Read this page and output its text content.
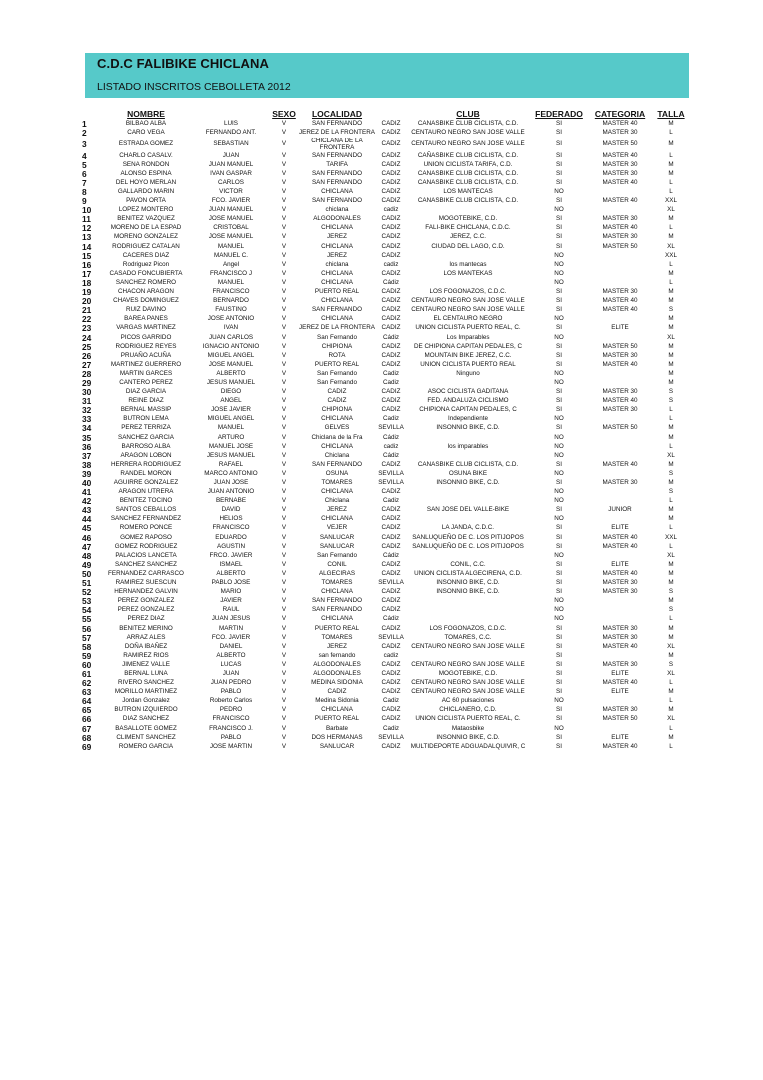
C.D.C FALIBIKE CHICLANA
LISTADO INSCRITOS CEBOLLETA 2012
	NOMBRE		SEXO	LOCALIDAD		CLUB	FEDERADO	CATEGORIA	TALLA
1	BILBAO ALBA	LUIS	V	SAN FERNANDO	CADIZ	CAÑASBIKE CLUB CICLISTA, C.D.	SI	MASTER 40	M
2	CARO VEGA	FERNANDO ANT.	V	JEREZ DE LA FRONTERA	CADIZ	CENTAURO NEGRO SAN JOSE VALLE	SI	MASTER 30	L
3	ESTRADA GOMEZ	SEBASTIAN	V	CHICLANA DE LA FRONTERA	CADIZ	CENTAURO NEGRO SAN JOSE VALLE	SI	MASTER 50	M
4	CHARLO CASALV.	JUAN	V	SAN FERNANDO	CADIZ	CAÑASBIKE CLUB CICLISTA, C.D.	SI	MASTER 40	L
5	SENA RONDON	JUAN MANUEL	V	TARIFA	CADIZ	UNION CICLISTA TARIFA, C.D.	SI	MASTER 30	M
6	ALONSO ESPINA	IVAN GASPAR	V	SAN FERNANDO	CADIZ	CAÑASBIKE CLUB CICLISTA, C.D.	SI	MASTER 30	M
7	DEL HOYO MERLAN	CARLOS	V	SAN FERNANDO	CADIZ	CAÑASBIKE CLUB CICLISTA, C.D.	SI	MASTER 40	L
8	GALLARDO MARIN	VICTOR	V	CHICLANA	CADIZ	LOS MANTECAS	NO		L
9	PAVON ORTA	FCO. JAVIER	V	SAN FERNANDO	CADIZ	CAÑASBIKE CLUB CICLISTA, C.D.	SI	MASTER 40	XXL
10	LOPEZ MONTERO	JUAN MANUEL	V	chiclana	cadiz		NO		XL
11	BENITEZ VAZQUEZ	JOSE MANUEL	V	ALGODONALES	CADIZ	MOGOTEBIKE, C.D.	SI	MASTER 30	M
12	MORENO DE LA ESPAD	CRISTOBAL	V	CHICLANA	CADIZ	FALI-BIKE CHICLANA, C.D.C.	SI	MASTER 40	L
13	MORENO GONZALEZ	JOSE MANUEL	V	JEREZ	CADIZ	JEREZ, C.C.	SI	MASTER 30	M
14	RODRIGUEZ CATALAN	MANUEL	V	CHICLANA	CADIZ	CIUDAD DEL LAGO, C.D.	SI	MASTER 50	XL
15	CACERES DIAZ	MANUEL C.	V	JEREZ	CADIZ		NO		XXL
16	Rodriguez Picon	Angel	V	chiclana	cadiz	los mantecas	NO		L
17	CASADO FONCUBIERTA	FRANCISCO J	V	CHICLANA	CADIZ	LOS MANTEKAS	NO		M
18	SANCHEZ ROMERO	MANUEL	V	CHICLANA	Cádiz		NO		L
19	CHACON ARAGON	FRANCISCO	V	PUERTO REAL	CADIZ	LOS FOGONAZOS, C.D.C.	SI	MASTER 30	M
20	CHAVES DOMINGUEZ	BERNARDO	V	CHICLANA	CADIZ	CENTAURO NEGRO SAN JOSE VALLE	SI	MASTER 40	M
21	RUIZ DAVIÑO	FAUSTINO	V	SAN FERNANDO	CADIZ	CENTAURO NEGRO SAN JOSE VALLE	SI	MASTER 40	S
22	BAREA PANES	JOSE ANTONIO	V	CHICLANA	CADIZ	EL CENTAURO NEGRO	NO		M
23	VARGAS MARTINEZ	IVAN	V	JEREZ DE LA FRONTERA	CADIZ	UNION CICLISTA PUERTO REAL, C.	SI	ELITE	M
24	PICOS GARRIDO	JUAN CARLOS	V	San Fernando	Cádiz	Los Imparables	NO		XL
25	RODRIGUEZ REYES	IGNACIO ANTONIO	V	CHIPIONA	CADIZ	DE CHIPIONA CAPITAN PEDALES, C	SI	MASTER 50	M
26	PRUAÑO ACUÑA	MIGUEL ANGEL	V	ROTA	CADIZ	MOUNTAIN BIKE JEREZ, C.C.	SI	MASTER 30	M
27	MARTINEZ GUERRERO	JOSE MANUEL	V	PUERTO REAL	CADIZ	UNION CICLISTA PUERTO REAL	SI	MASTER 40	M
28	MARTIN GARCES	ALBERTO	V	San Fernando	Cadiz	Ninguno	NO		M
29	CANTERO PEREZ	JESUS MANUEL	V	San Fernando	Cadiz		NO		M
30	DIAZ GARCIA	DIEGO	V	CADIZ	CADIZ	ASOC CICLISTA GADITANA	SI	MASTER 30	S
31	REINE DIAZ	ANGEL	V	CADIZ	CADIZ	FED. ANDALUZA CICLISMO	SI	MASTER 40	S
32	BERNAL MASSIP	JOSE JAVIER	V	CHIPIONA	CADIZ	CHIPIONA CAPITAN PEDALES, C	SI	MASTER 30	L
33	BUTRON LEMA	MIGUEL ANGEL	V	CHICLANA	Cadiz	Independiente	NO		L
34	PEREZ TERRIZA	MANUEL	V	GELVES	SEVILLA	INSONNIO BIKE, C.D.	SI	MASTER 50	M
35	SANCHEZ GARCIA	ARTURO	V	Chiclana de la Fra	Cádiz		NO		M
36	BARROSO ALBA	MANUEL JOSE	V	CHICLANA	cadiz	los imparables	NO		L
37	ARAGON LOBON	JESUS MANUEL	V	Chiclana	Cádiz		NO		XL
38	HERRERA RODRIGUEZ	RAFAEL	V	SAN FERNANDO	CADIZ	CAÑASBIKE CLUB CICLISTA, C.D.	SI	MASTER 40	M
39	RANDEL MORON	MARCO ANTONIO	V	OSUNA	SEVILLA	OSUNA BIKE	NO		S
40	AGUIRRE GONZALEZ	JUAN JOSE	V	TOMARES	SEVILLA	INSONNIO BIKE, C.D.	SI	MASTER 30	M
41	ARAGÓN UTRERA	JUAN ANTONIO	V	CHICLANA	CADIZ		NO		S
42	BENITEZ TOCINO	BERNABE	V	Chiclana	Cadiz		NO		L
43	SANTOS CEBALLOS	DAVID	V	JEREZ	CADIZ	SAN JOSE DEL VALLE-BIKE	SI	JUNIOR	M
44	SANCHEZ FERNANDEZ	HELIOS	V	CHICLANA	CADIZ		NO		M
45	ROMERO PONCE	FRANCISCO	V	VEJER	CADIZ	LA JANDA, C.D.C.	SI	ELITE	L
46	GOMEZ RAPOSO	EDUARDO	V	SANLUCAR	CADIZ	SANLUQUEÑO DE C. LOS PITIJOPOS	SI	MASTER 40	XXL
47	GOMEZ RODRIGUEZ	AGUSTIN	V	SANLUCAR	CADIZ	SANLUQUEÑO DE C. LOS PITIJOPOS	SI	MASTER 40	L
48	PALACIOS LANCETA	FRCO. JAVIER	V	San Fernando	Cádiz		NO		XL
49	SANCHEZ SANCHEZ	ISMAEL	V	CONIL	CADIZ	CONIL, C.C.	SI	ELITE	M
50	FERNANDEZ CARRASCO	ALBERTO	V	ALGECIRAS	CADIZ	UNION CICLISTA ALGECIREÑA, C.D.	SI	MASTER 40	M
51	RAMIREZ SUESCUN	PABLO JOSE	V	TOMARES	SEVILLA	INSONNIO BIKE, C.D.	SI	MASTER 30	M
52	HERNANDEZ GALVIN	MARIO	V	CHICLANA	CADIZ	INSONNIO BIKE, C.D.	SI	MASTER 30	S
53	PEREZ GONZALEZ	JAVIER	V	SAN FERNANDO	CADIZ		NO		M
54	PEREZ GONZALEZ	RAUL	V	SAN FERNANDO	CADIZ		NO		S
55	PEREZ DIAZ	JUAN JESUS	V	CHICLANA	Cádiz		NO		L
56	BENITEZ MERINO	MARTIN	V	PUERTO REAL	CADIZ	LOS FOGONAZOS, C.D.C.	SI	MASTER 30	M
57	ARRAZ ALES	FCO. JAVIER	V	TOMARES	SEVILLA	TOMARES, C.C.	SI	MASTER 30	M
58	DOÑA IBAÑEZ	DANIEL	V	JEREZ	CADIZ	CENTAURO NEGRO SAN JOSE VALLE	SI	MASTER 40	XL
59	RAMIREZ RIOS	ALBERTO	V	san fernando	cadiz		SI		M
60	JIMENEZ VALLE	LUCAS	V	ALGODONALES	CADIZ	CENTAURO NEGRO SAN JOSE VALLE	SI	MASTER 30	S
61	BERNAL LUNA	JUAN	V	ALGODONALES	CADIZ	MOGOTEBIKE, C.D.	SI	ELITE	XL
62	RIVERO SANCHEZ	JUAN PEDRO	V	MEDINA SIDONIA	CADIZ	CENTAURO NEGRO SAN JOSE VALLE	SI	MASTER 40	L
63	MORILLO MARTINEZ	PABLO	V	CADIZ	CADIZ	CENTAURO NEGRO SAN JOSE VALLE	SI	ELITE	M
64	Jordan Gonzalez	Roberto Carlos	V	Medina Sidonia	Cadiz	AC 60 pulsaciones	NO		L
65	BUTRON IZQUIERDO	PEDRO	V	CHICLANA	CADIZ	CHICLANERO, C.D.	SI	MASTER 30	M
66	DIAZ SANCHEZ	FRANCISCO	V	PUERTO REAL	CADIZ	UNION CICLISTA PUERTO REAL, C.	SI	MASTER 50	XL
67	BASALLOTE GOMEZ	FRANCISCO J.	V	Barbate	Cadiz	Mataosbike	NO		L
68	CLIMENT SANCHEZ	PABLO	V	DOS HERMANAS	SEVILLA	INSONNIO BIKE, C.D.	SI	ELITE	M
69	ROMERO GARCIA	JOSE MARTIN	V	SANLUCAR	CADIZ	MULTIDEPORTE ADGUADALQUIVIR, C	SI	MASTER 40	L
